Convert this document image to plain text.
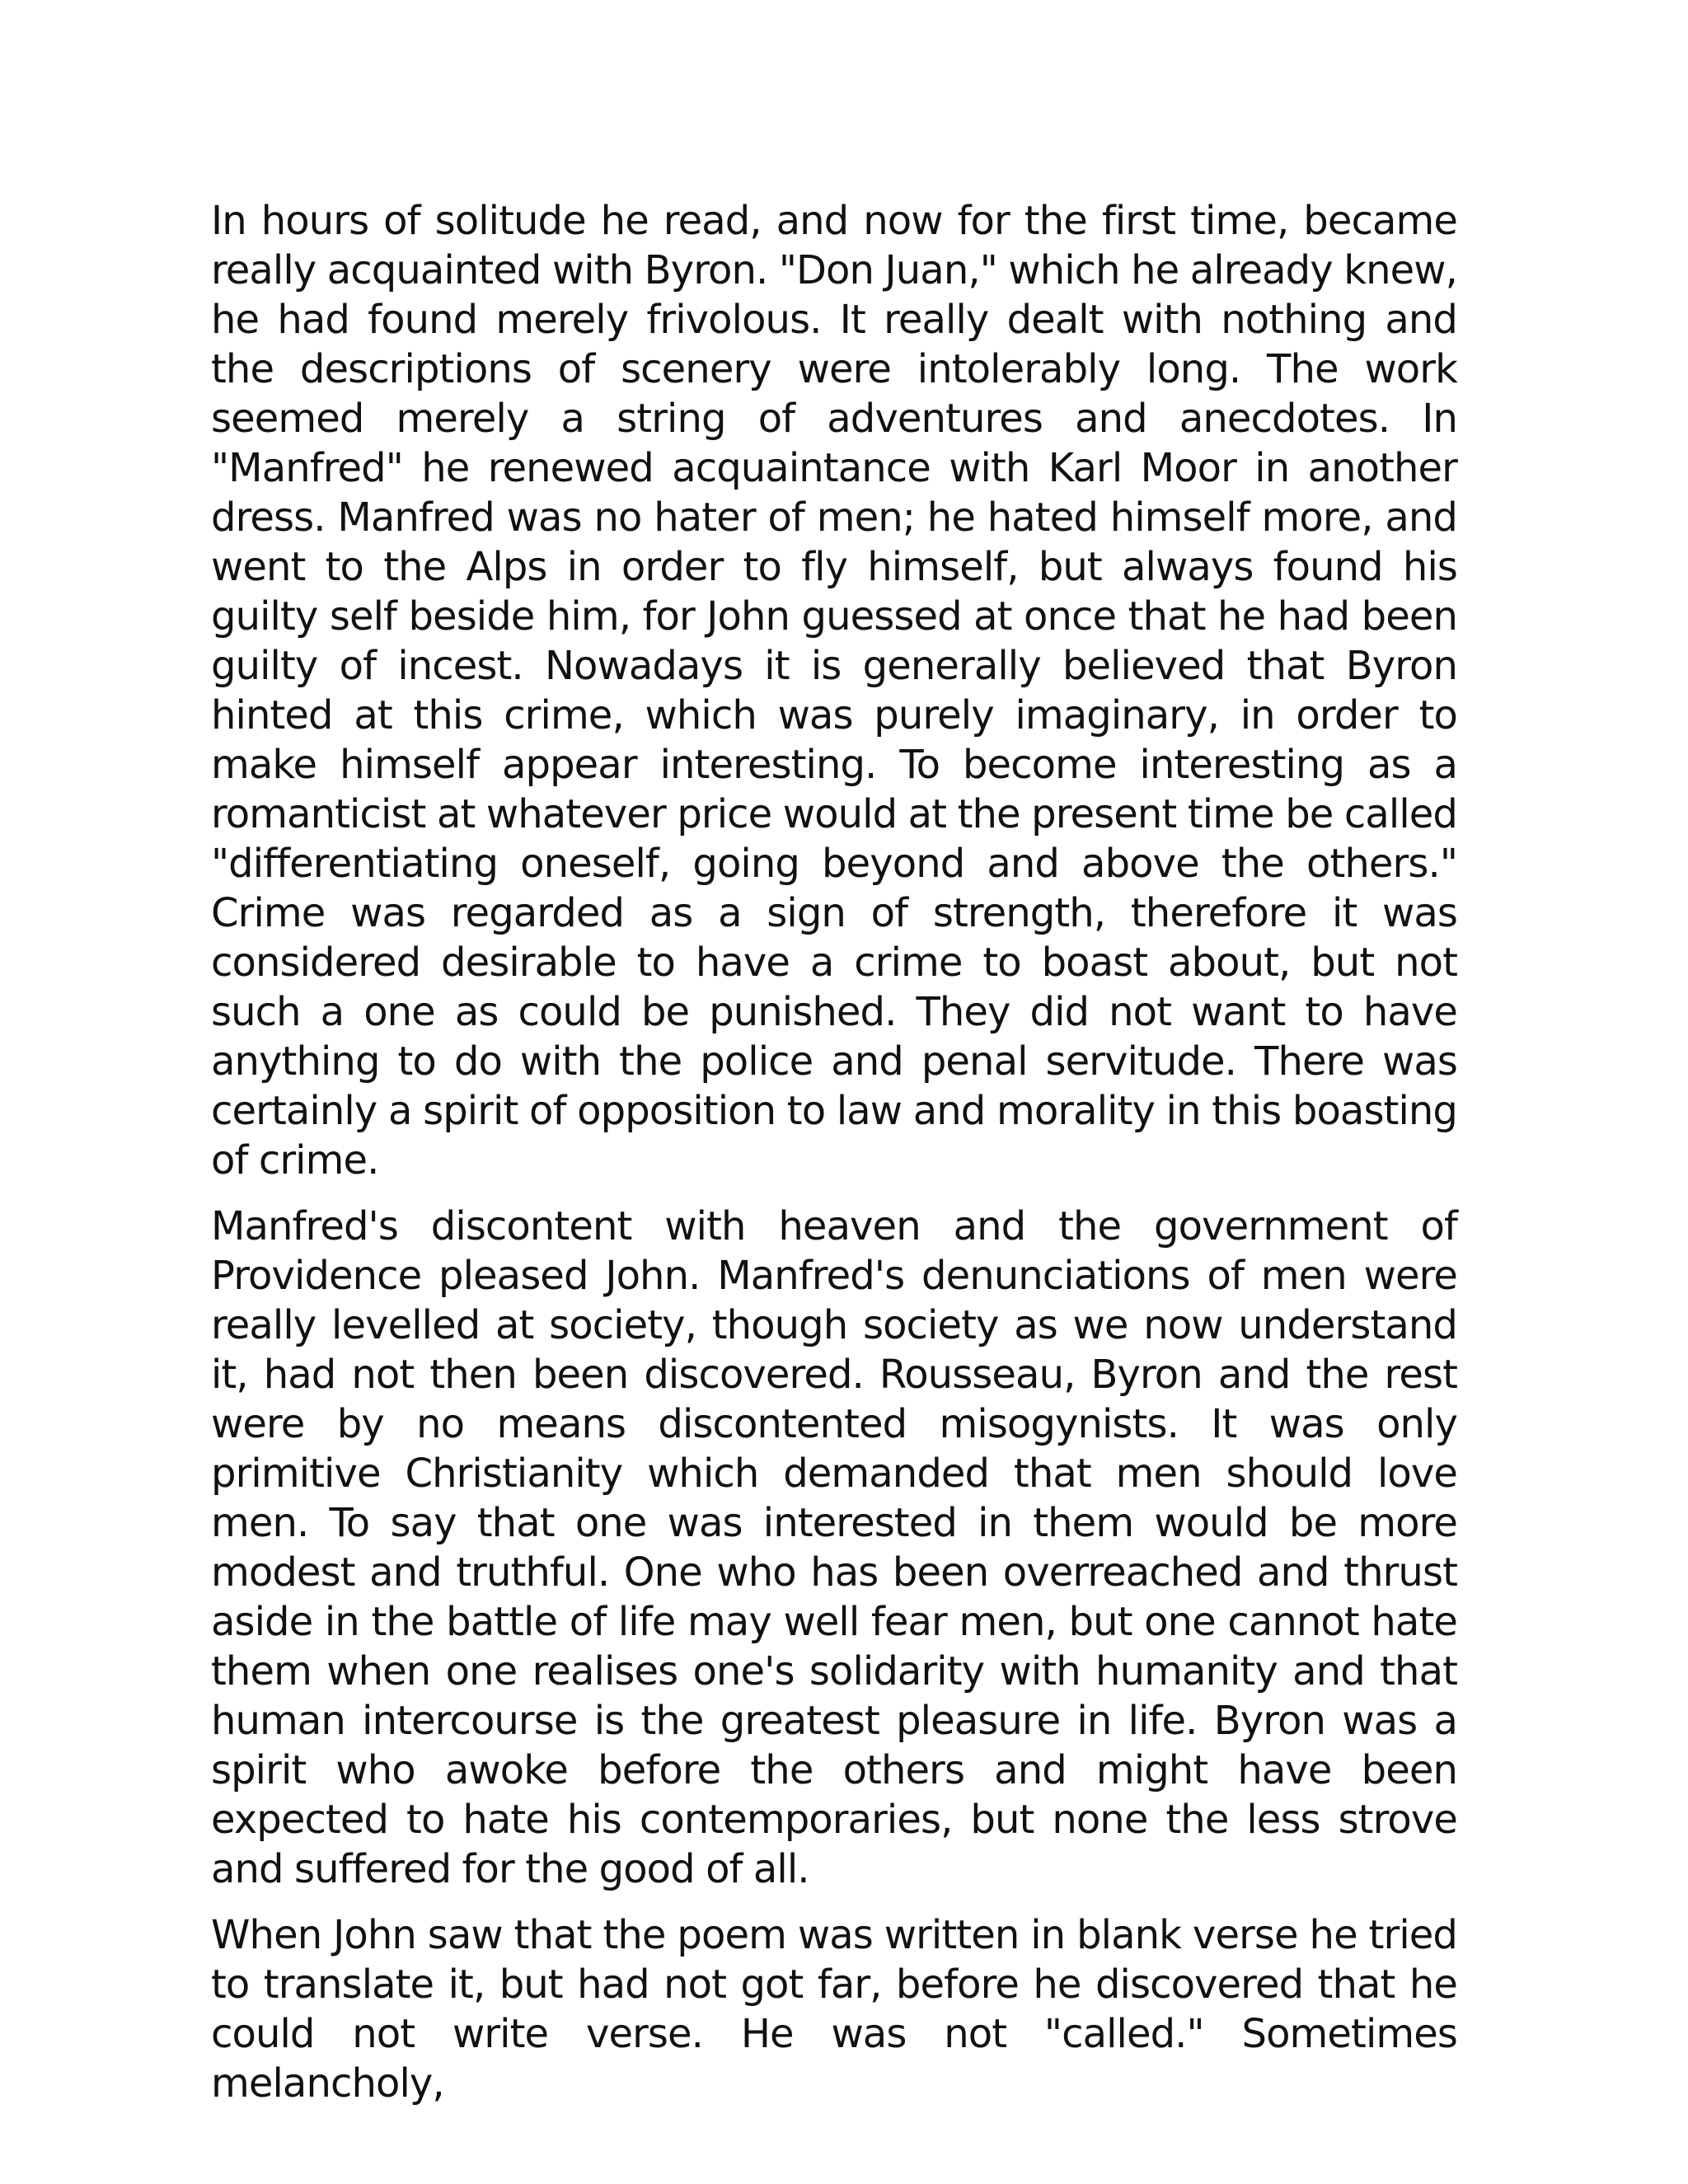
In hours of solitude he read, and now for the first time, became really acquainted with Byron. "Don Juan," which he already knew, he had found merely frivolous. It really dealt with nothing and the descriptions of scenery were intolerably long. The work seemed merely a string of adventures and anecdotes. In "Manfred" he renewed acquaintance with Karl Moor in another dress. Manfred was no hater of men; he hated himself more, and went to the Alps in order to fly himself, but always found his guilty self beside him, for John guessed at once that he had been guilty of incest. Nowadays it is generally believed that Byron hinted at this crime, which was purely imaginary, in order to make himself appear interesting. To become interesting as a romanticist at whatever price would at the present time be called "differentiating oneself, going beyond and above the others." Crime was regarded as a sign of strength, therefore it was considered desirable to have a crime to boast about, but not such a one as could be punished. They did not want to have anything to do with the police and penal servitude. There was certainly a spirit of opposition to law and morality in this boasting of crime.

Manfred's discontent with heaven and the government of Providence pleased John. Manfred's denunciations of men were really levelled at society, though society as we now understand it, had not then been discovered. Rousseau, Byron and the rest were by no means discontented misogynists. It was only primitive Christianity which demanded that men should love men. To say that one was interested in them would be more modest and truthful. One who has been overreached and thrust aside in the battle of life may well fear men, but one cannot hate them when one realises one's solidarity with humanity and that human intercourse is the greatest pleasure in life. Byron was a spirit who awoke before the others and might have been expected to hate his contemporaries, but none the less strove and suffered for the good of all.

When John saw that the poem was written in blank verse he tried to translate it, but had not got far, before he discovered that he could not write verse. He was not "called." Sometimes melancholy,
